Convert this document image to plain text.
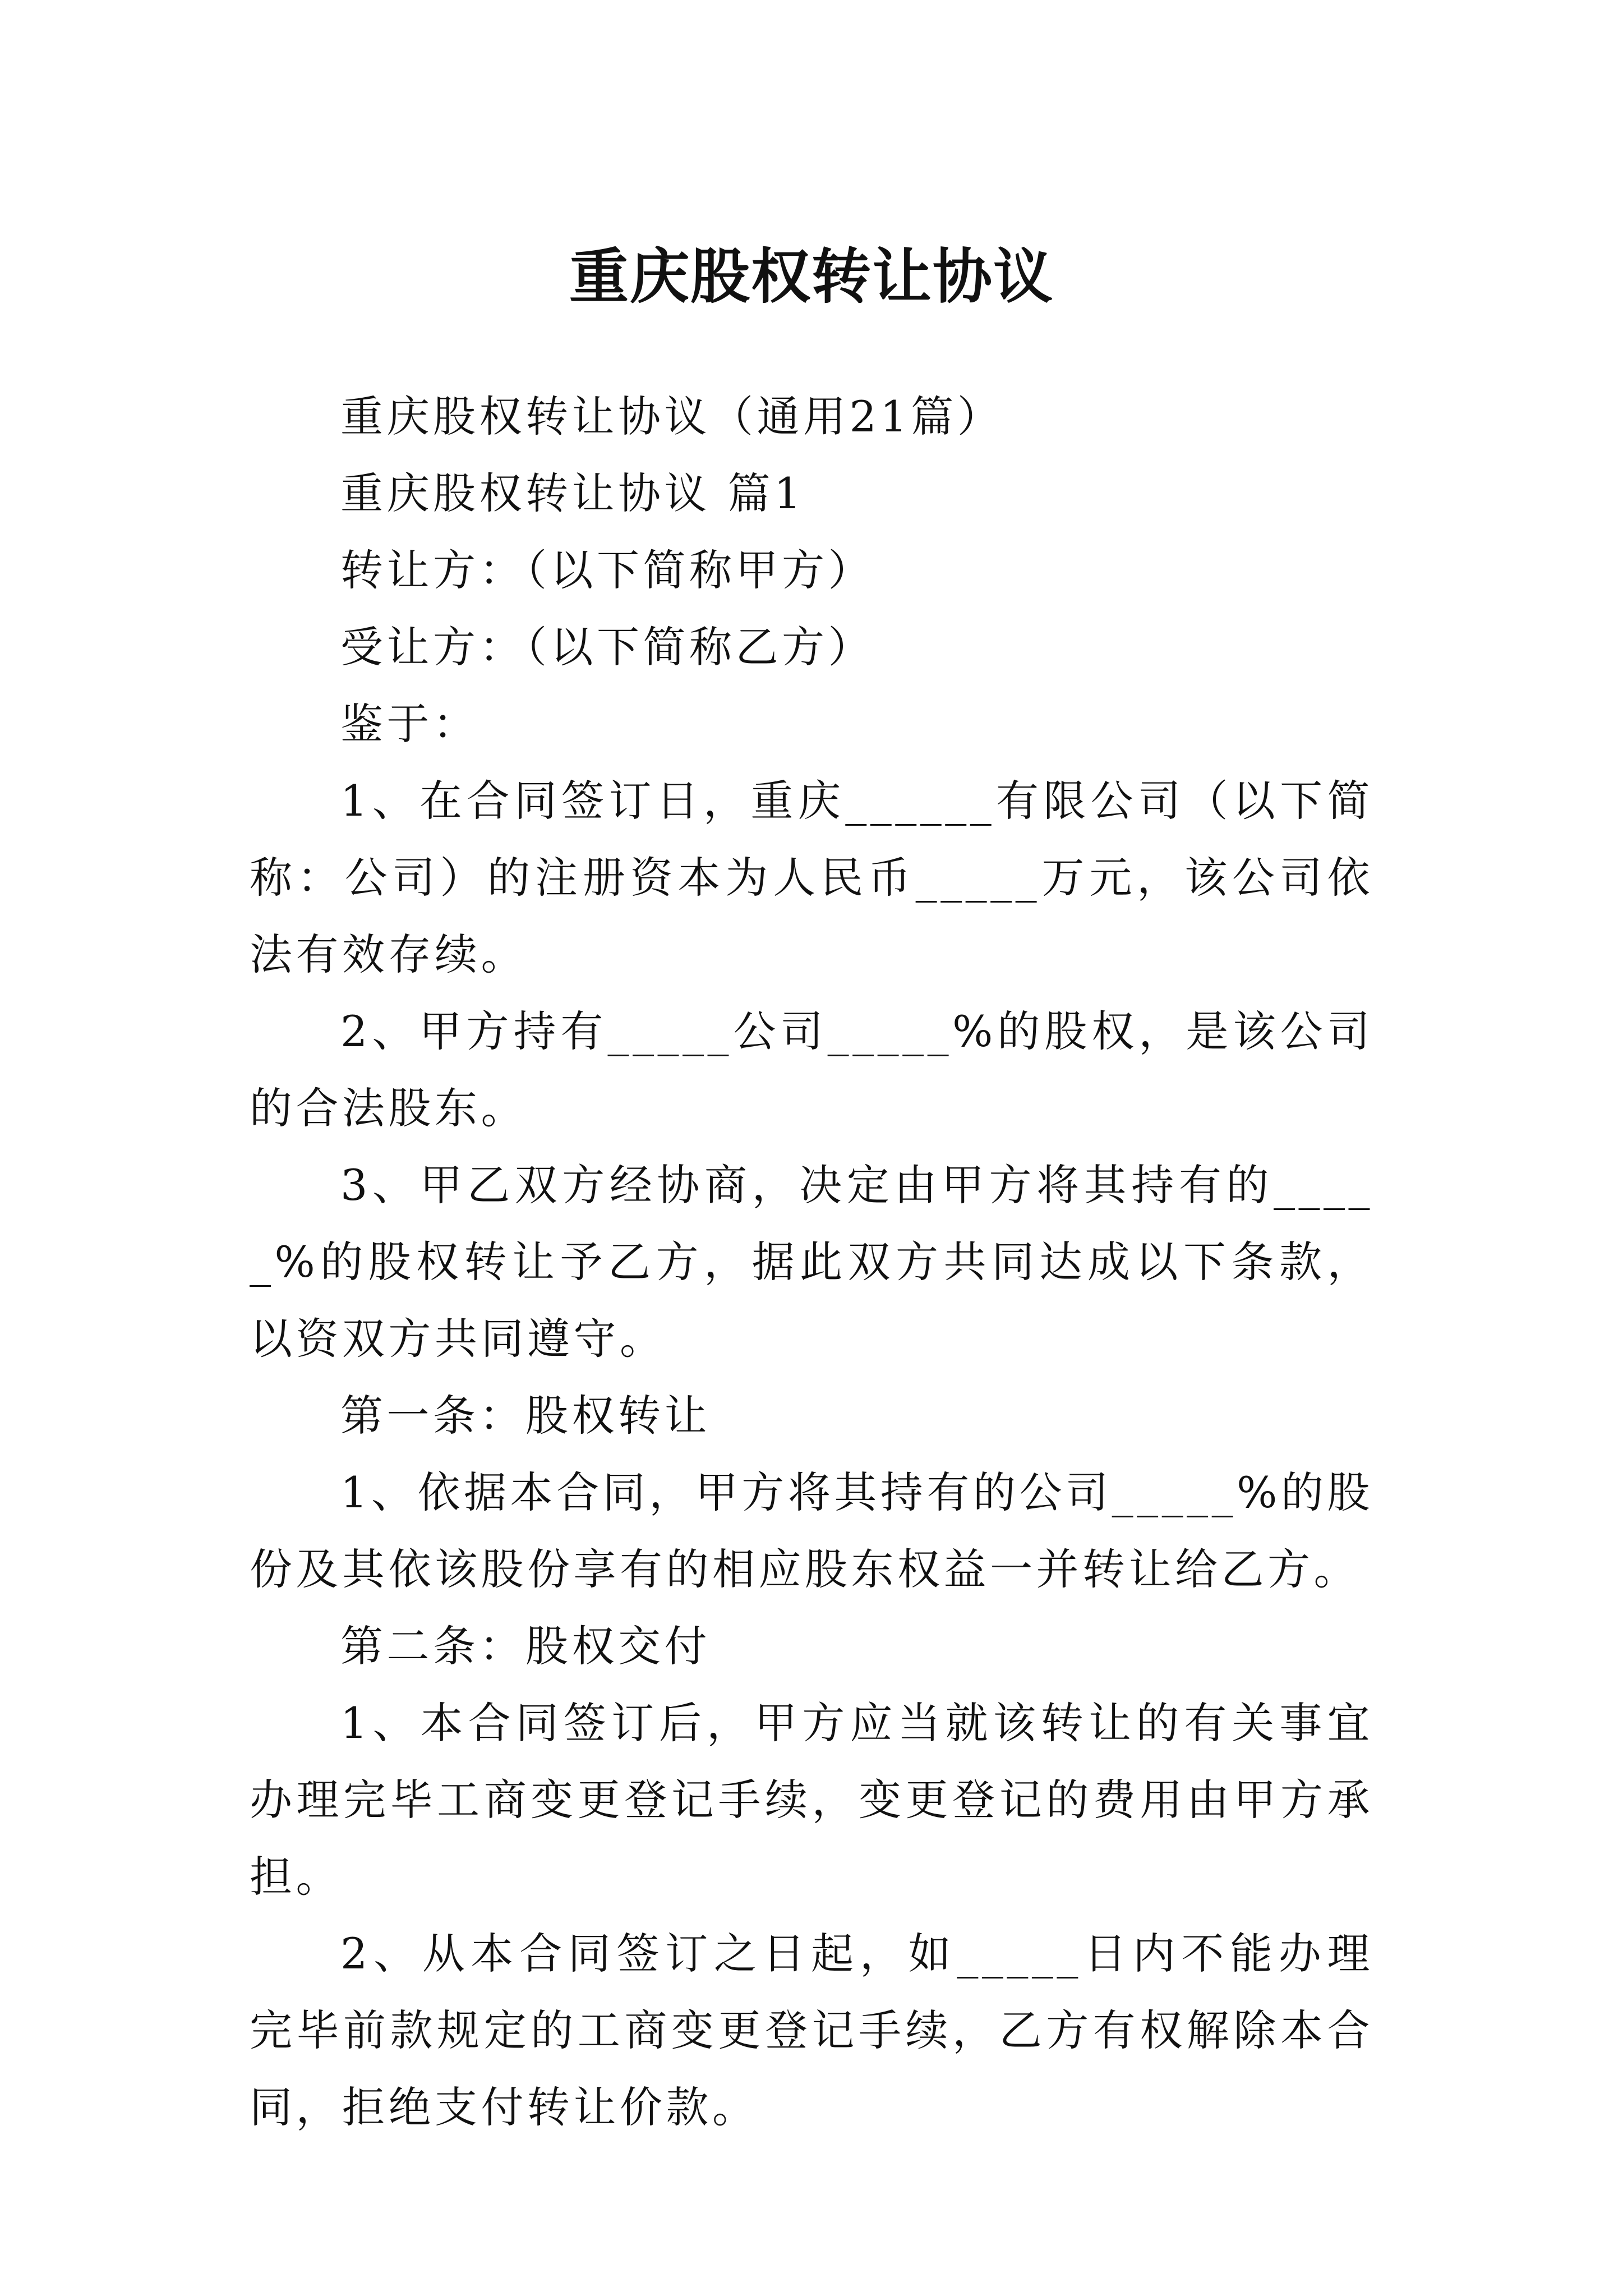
重庆股权转让协议

重庆股权转让协议（通用21篇）

重庆股权转让协议 篇1

转让方：（以下简称甲方）

受让方：（以下简称乙方）

鉴于：

1、在合同签订日，重庆______有限公司（以下简称：公司）的注册资本为人民币_____万元，该公司依法有效存续。

2、甲方持有_____公司_____%的股权，是该公司的合法股东。

3、甲乙双方经协商，决定由甲方将其持有的_____%的股权转让予乙方，据此双方共同达成以下条款，以资双方共同遵守。

第一条：股权转让

1、依据本合同，甲方将其持有的公司_____%的股份及其依该股份享有的相应股东权益一并转让给乙方。

第二条：股权交付

1、本合同签订后，甲方应当就该转让的有关事宜办理完毕工商变更登记手续，变更登记的费用由甲方承担。

2、从本合同签订之日起，如_____日内不能办理完毕前款规定的工商变更登记手续，乙方有权解除本合同，拒绝支付转让价款。
